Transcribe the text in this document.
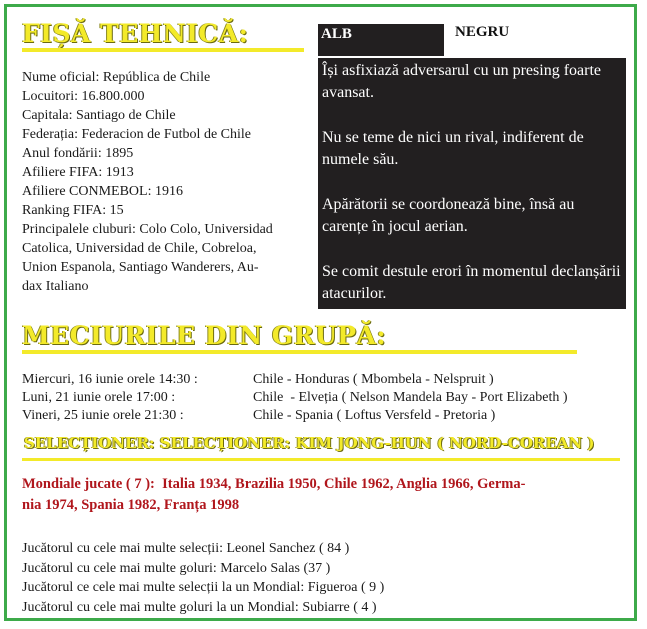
FIȘĂ TEHNICĂ:
Nume oficial: República de Chile
Locuitori: 16.800.000
Capitala: Santiago de Chile
Federația: Federacion de Futbol de Chile
Anul fondării: 1895
Afiliere FIFA: 1913
Afiliere CONMEBOL: 1916
Ranking FIFA: 15
Principalele cluburi: Colo Colo, Universidad
Catolica, Universidad de Chile, Cobreloa,
Union Espanola, Santiago Wanderers, Au-
dax Italiano
ALB	NEGRU

Își asfixiază adversarul cu un presing foarte avansat.

Nu se teme de nici un rival, indiferent de numele său.

Apărătorii se coordonează bine, însă au carențe în jocul aerian.

Se comit destule erori în momentul declanșării atacurilor.

MECIURILE DIN GRUPĂ:
Miercuri, 16 iunie orele 14:30 :	Chile - Honduras ( Mbombela - Nelspruit )
Luni, 21 iunie orele 17:00 :	Chile  - Elveția ( Nelson Mandela Bay - Port Elizabeth )
Vineri, 25 iunie orele 21:30 :	Chile - Spania ( Loftus Versfeld - Pretoria )
SELECȚIONER: SELECȚIONER: KIM JONG-HUN ( NORD-COREAN )
Mondiale jucate ( 7 ):  Italia 1934, Brazilia 1950, Chile 1962, Anglia 1966, Germa-
nia 1974, Spania 1982, Franța 1998
Jucătorul cu cele mai multe selecții: Leonel Sanchez ( 84 )
Jucătorul cu cele mai multe goluri: Marcelo Salas (37 )
Jucătorul ce cele mai multe selecții la un Mondial: Figueroa ( 9 )
Jucătorul cu cele mai multe goluri la un Mondial: Subiarre ( 4 )
